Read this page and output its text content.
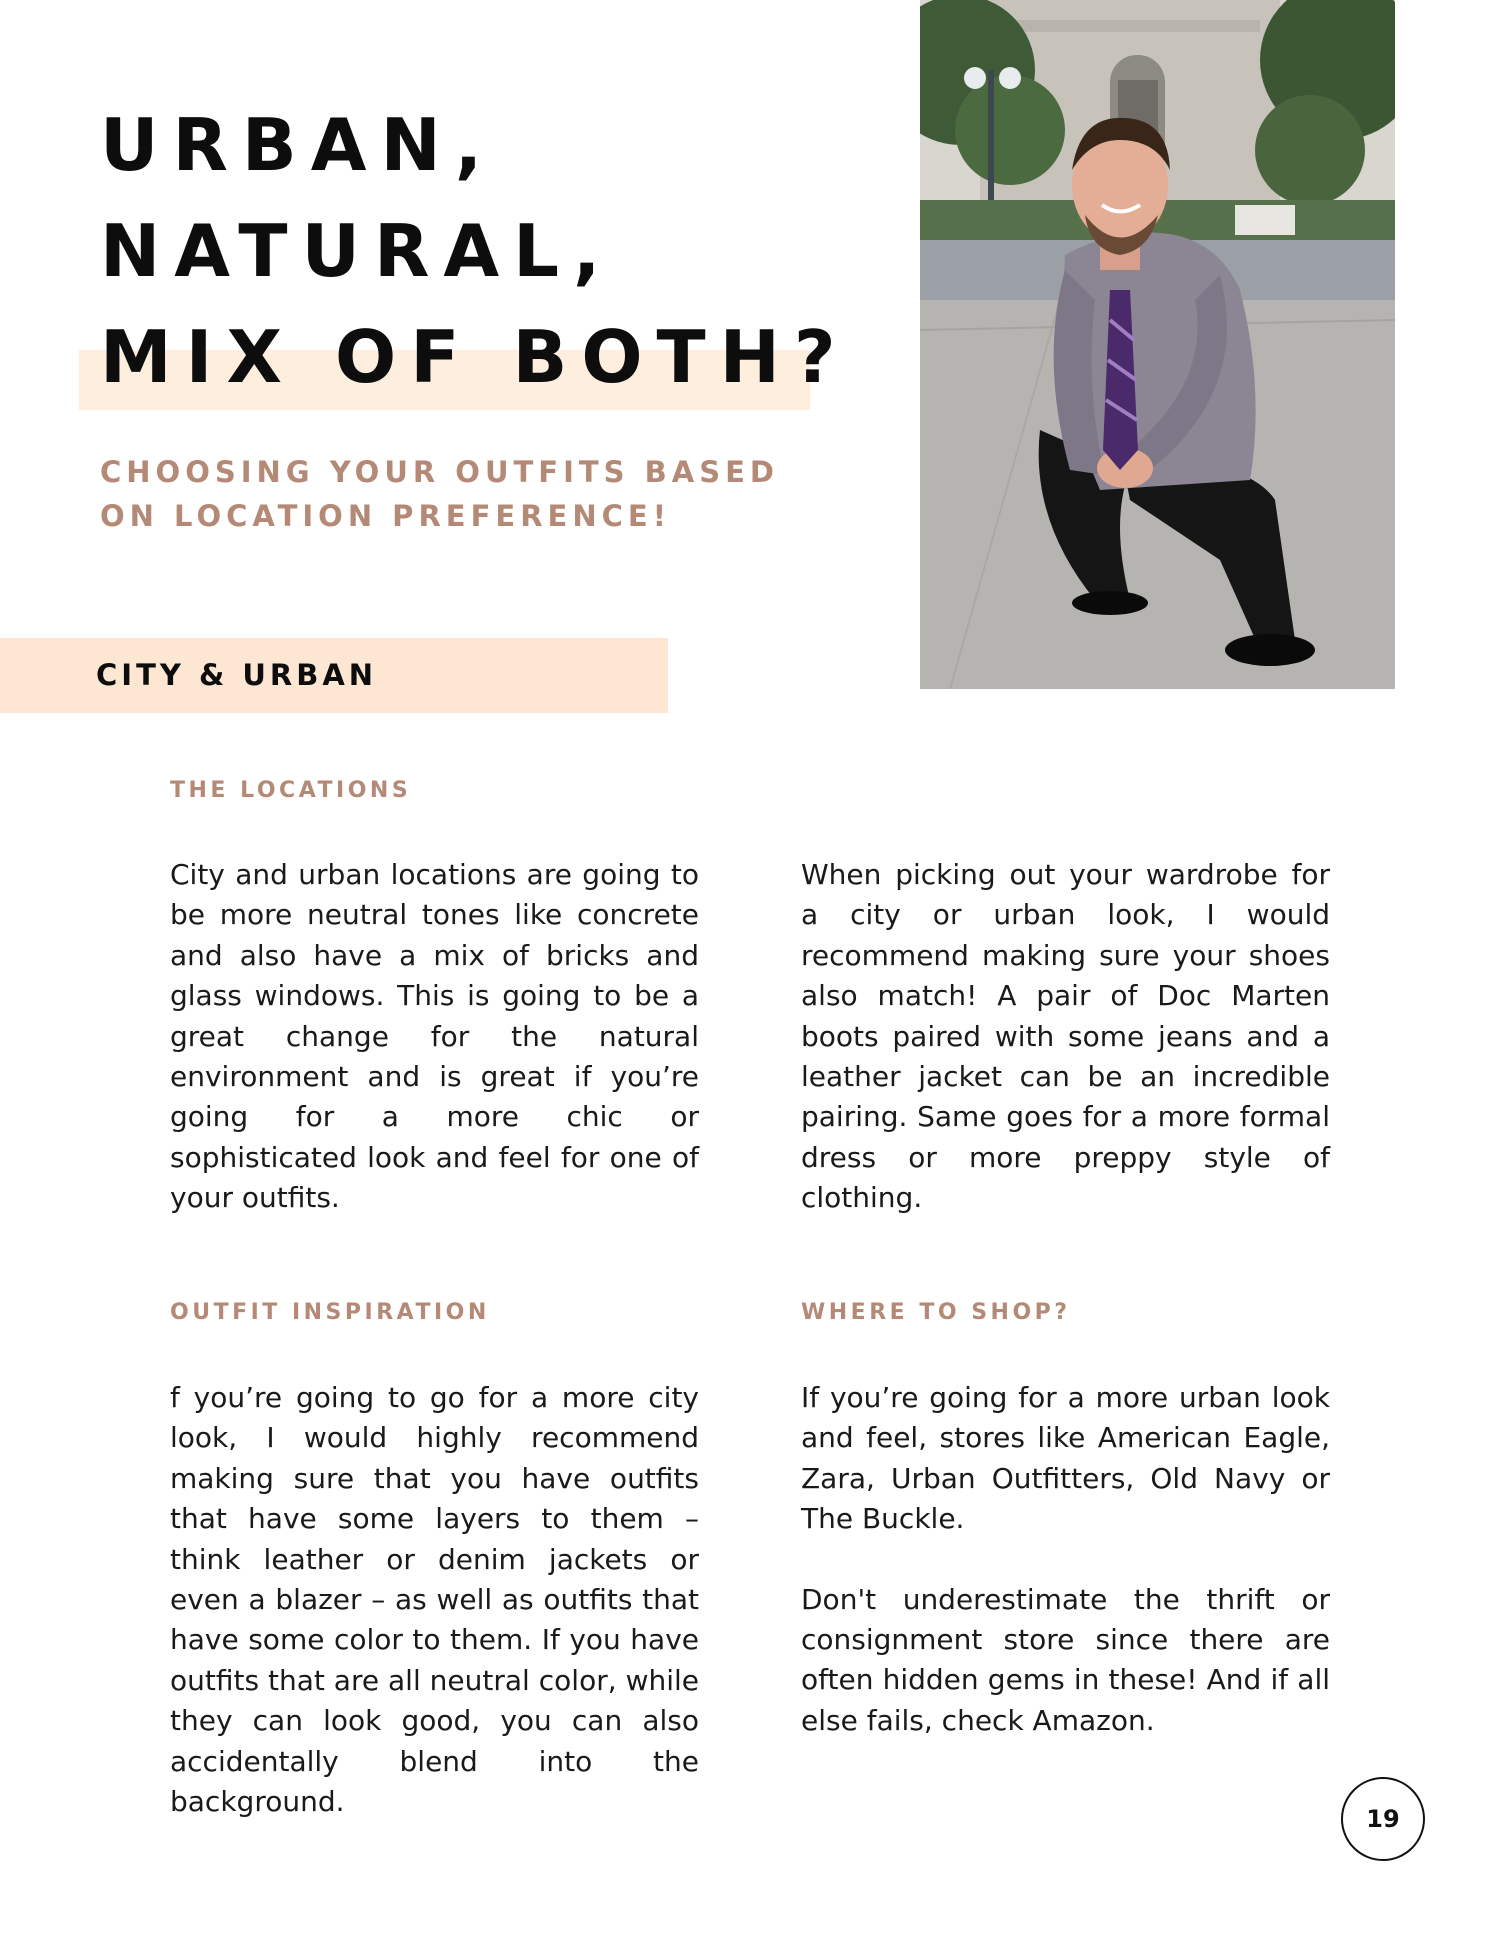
URBAN,
NATURAL,
MIX OF BOTH?
CHOOSING YOUR OUTFITS BASED
ON LOCATION PREFERENCE!
CITY & URBAN
THE LOCATIONS

City and urban locations are going to be more neutral tones like concrete and also have a mix of bricks and glass windows. This is going to be a great change for the natural environment and is great if you’re going for a more chic or sophisticated look and feel for one of your outfits.

When picking out your wardrobe for a city or urban look, I would recommend making sure your shoes also match! A pair of Doc Marten boots paired with some jeans and a leather jacket can be an incredible pairing. Same goes for a more formal dress or more preppy style of clothing.

OUTFIT INSPIRATION

f you’re going to go for a more city look, I would highly recommend making sure that you have outfits that have some layers to them – think leather or denim jackets or even a blazer – as well as outfits that have some color to them. If you have outfits that are all neutral color, while they can look good, you can also accidentally blend into the background.

WHERE TO SHOP?

If you’re going for a more urban look and feel, stores like American Eagle, Zara, Urban Outfitters, Old Navy or The Buckle.

Don't underestimate the thrift or consignment store since there are often hidden gems in these! And if all else fails, check Amazon.

19
